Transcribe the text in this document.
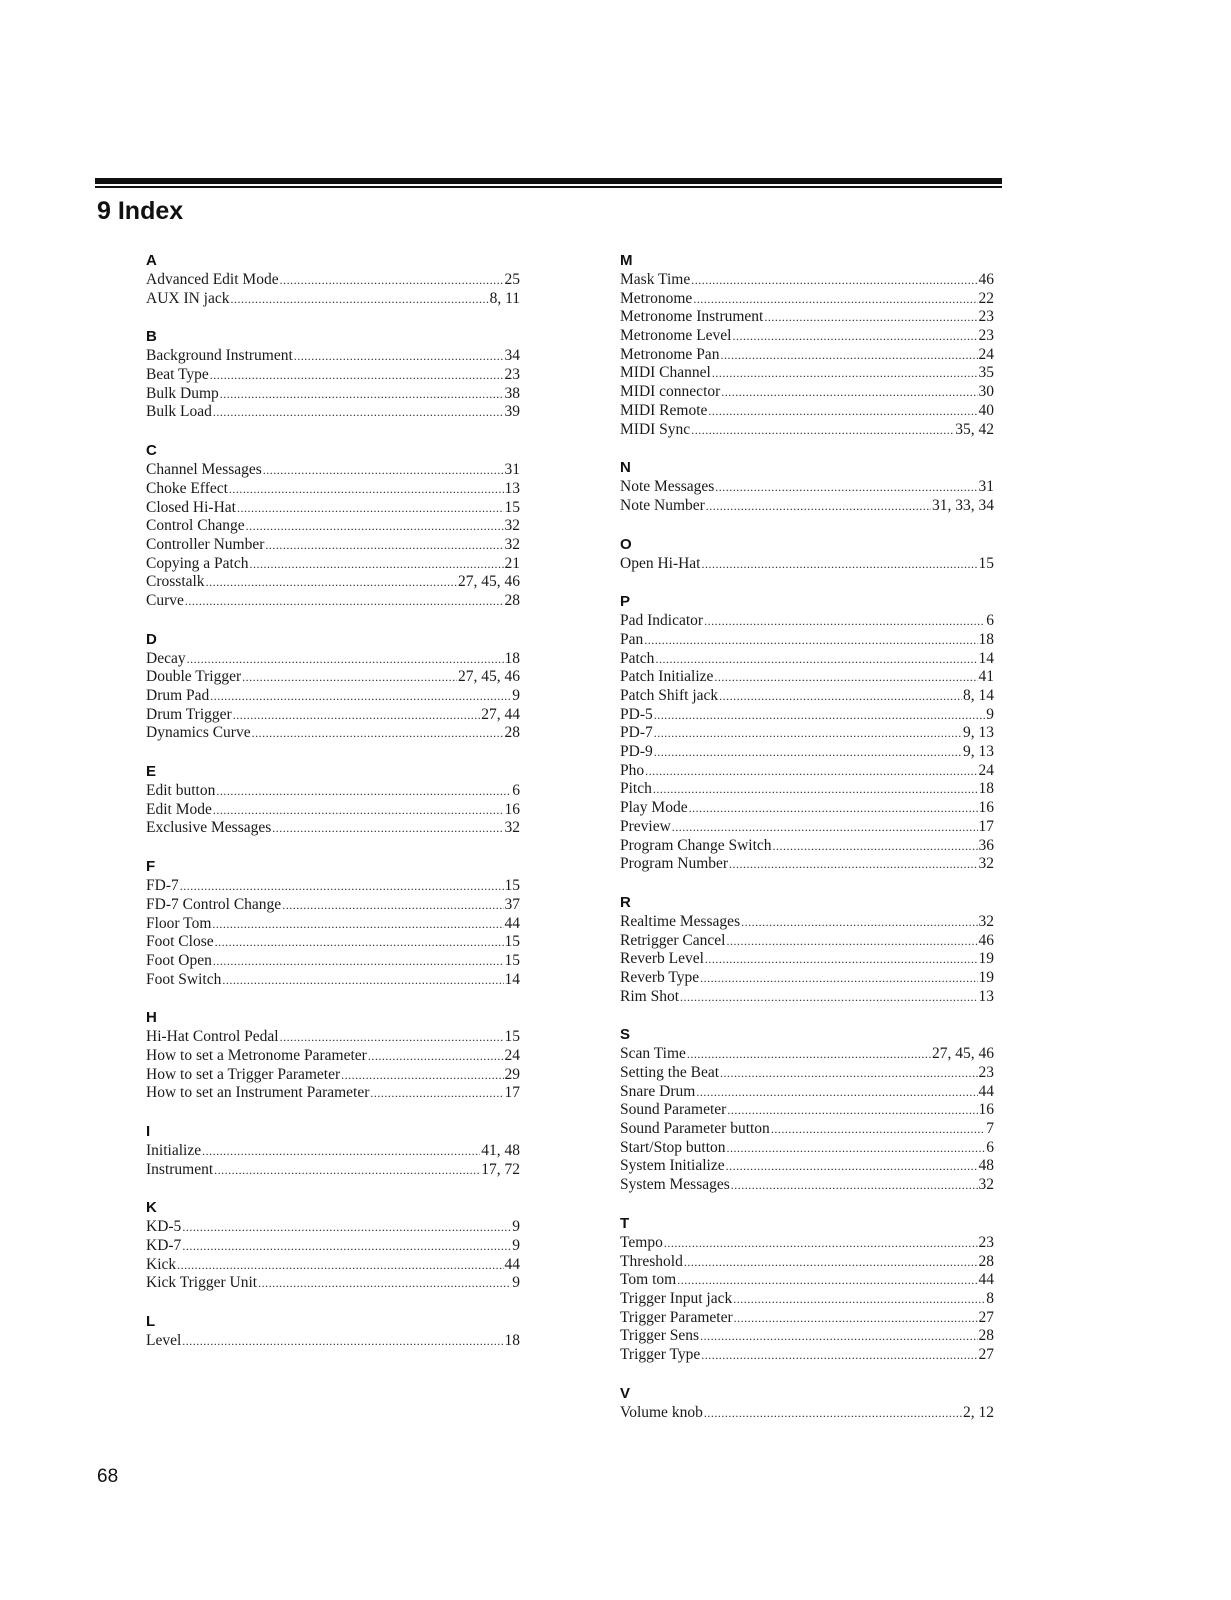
9 Index
A
Advanced Edit Mode .....	25
AUX IN jack .....	8, 11
B
Background Instrument .....	34
Beat Type .....	23
Bulk Dump .....	38
Bulk Load .....	39
C
Channel Messages .....	31
Choke Effect .....	13
Closed Hi-Hat .....	15
Control Change .....	32
Controller Number .....	32
Copying a Patch .....	21
Crosstalk .....	27, 45, 46
Curve .....	28
D
Decay .....	18
Double Trigger .....	27, 45, 46
Drum Pad .....	9
Drum Trigger .....	27, 44
Dynamics Curve .....	28
E
Edit button .....	6
Edit Mode .....	16
Exclusive Messages .....	32
F
FD-7 .....	15
FD-7 Control Change .....	37
Floor Tom .....	44
Foot Close .....	15
Foot Open .....	15
Foot Switch .....	14
H
Hi-Hat Control Pedal .....	15
How to set a Metronome Parameter .....	24
How to set a Trigger Parameter .....	29
How to set an Instrument Parameter .....	17
I
Initialize .....	41, 48
Instrument .....	17, 72
K
KD-5 .....	9
KD-7 .....	9
Kick .....	44
Kick Trigger Unit .....	9
L
Level .....	18
M
Mask Time .....	46
Metronome .....	22
Metronome Instrument .....	23
Metronome Level .....	23
Metronome Pan .....	24
MIDI Channel .....	35
MIDI connector .....	30
MIDI Remote .....	40
MIDI Sync .....	35, 42
N
Note Messages .....	31
Note Number .....	31, 33, 34
O
Open Hi-Hat .....	15
P
Pad Indicator .....	6
Pan .....	18
Patch .....	14
Patch Initialize .....	41
Patch Shift jack .....	8, 14
PD-5 .....	9
PD-7 .....	9, 13
PD-9 .....	9, 13
Pho .....	24
Pitch .....	18
Play Mode .....	16
Preview .....	17
Program Change Switch .....	36
Program Number .....	32
R
Realtime Messages .....	32
Retrigger Cancel .....	46
Reverb Level .....	19
Reverb Type .....	19
Rim Shot .....	13
S
Scan Time .....	27, 45, 46
Setting the Beat .....	23
Snare Drum .....	44
Sound Parameter .....	16
Sound Parameter button .....	7
Start/Stop button .....	6
System Initialize .....	48
System Messages .....	32
T
Tempo .....	23
Threshold .....	28
Tom tom .....	44
Trigger Input jack .....	8
Trigger Parameter .....	27
Trigger Sens .....	28
Trigger Type .....	27
V
Volume knob .....	2, 12
68
